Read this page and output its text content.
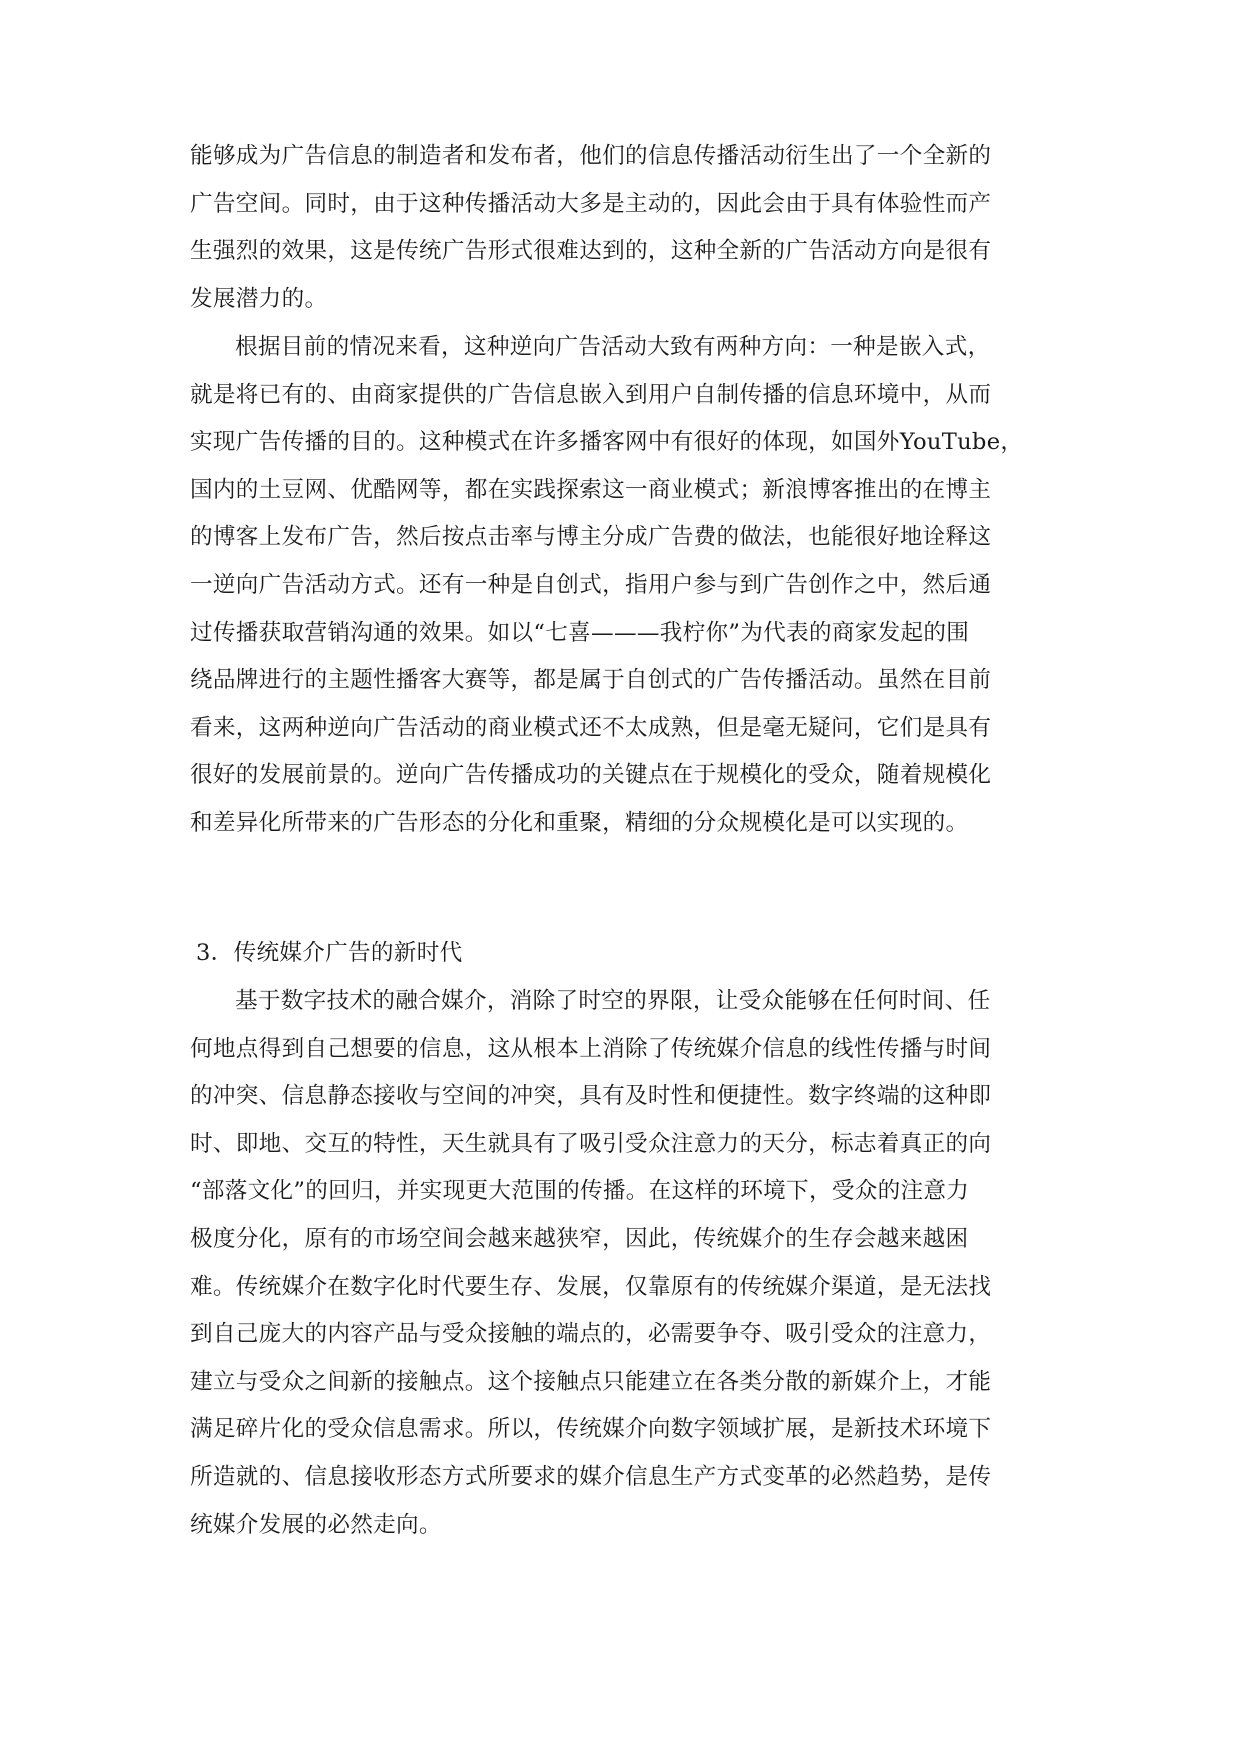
能够成为广告信息的制造者和发布者，他们的信息传播活动衍生出了一个全新的
广告空间。同时，由于这种传播活动大多是主动的，因此会由于具有体验性而产
生强烈的效果，这是传统广告形式很难达到的，这种全新的广告活动方向是很有
发展潜力的。
根据目前的情况来看，这种逆向广告活动大致有两种方向：一种是嵌入式，
就是将已有的、由商家提供的广告信息嵌入到用户自制传播的信息环境中，从而
实现广告传播的目的。这种模式在许多播客网中有很好的体现，如国外YouTube，
国内的土豆网、优酷网等，都在实践探索这一商业模式；新浪博客推出的在博主
的博客上发布广告，然后按点击率与博主分成广告费的做法，也能很好地诠释这
一逆向广告活动方式。还有一种是自创式，指用户参与到广告创作之中，然后通
过传播获取营销沟通的效果。如以“七喜———我柠你”为代表的商家发起的围
绕品牌进行的主题性播客大赛等，都是属于自创式的广告传播活动。虽然在目前
看来，这两种逆向广告活动的商业模式还不太成熟，但是毫无疑问，它们是具有
很好的发展前景的。逆向广告传播成功的关键点在于规模化的受众，随着规模化
和差异化所带来的广告形态的分化和重聚，精细的分众规模化是可以实现的。
3．传统媒介广告的新时代
基于数字技术的融合媒介，消除了时空的界限，让受众能够在任何时间、任
何地点得到自己想要的信息，这从根本上消除了传统媒介信息的线性传播与时间
的冲突、信息静态接收与空间的冲突，具有及时性和便捷性。数字终端的这种即
时、即地、交互的特性，天生就具有了吸引受众注意力的天分，标志着真正的向
“部落文化”的回归，并实现更大范围的传播。在这样的环境下，受众的注意力
极度分化，原有的市场空间会越来越狭窄，因此，传统媒介的生存会越来越困
难。传统媒介在数字化时代要生存、发展，仅靠原有的传统媒介渠道，是无法找
到自己庞大的内容产品与受众接触的端点的，必需要争夺、吸引受众的注意力，
建立与受众之间新的接触点。这个接触点只能建立在各类分散的新媒介上，才能
满足碎片化的受众信息需求。所以，传统媒介向数字领域扩展，是新技术环境下
所造就的、信息接收形态方式所要求的媒介信息生产方式变革的必然趋势，是传
统媒介发展的必然走向。
